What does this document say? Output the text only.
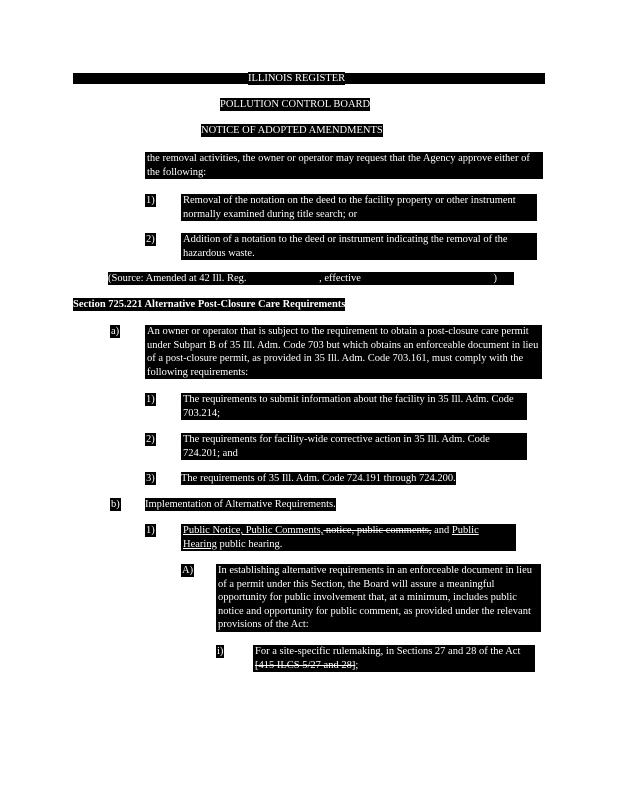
ILLINOIS REGISTER
POLLUTION CONTROL BOARD
NOTICE OF ADOPTED AMENDMENTS
the removal activities, the owner or operator may request that the Agency approve either of the following:
1)	Removal of the notation on the deed to the facility property or other instrument normally examined during title search; or
2)	Addition of a notation to the deed or instrument indicating the removal of the hazardous waste.
(Source: Amended at 42 Ill. Reg.	, effective	)
Section 725.221 Alternative Post-Closure Care Requirements
a)	An owner or operator that is subject to the requirement to obtain a post-closure care permit under Subpart B of 35 Ill. Adm. Code 703 but which obtains an enforceable document in lieu of a post-closure permit, as provided in 35 Ill. Adm. Code 703.161, must comply with the following requirements:
1)	The requirements to submit information about the facility in 35 Ill. Adm. Code 703.214;
2)	The requirements for facility-wide corrective action in 35 Ill. Adm. Code 724.201; and
3)	The requirements of 35 Ill. Adm. Code 724.191 through 724.200.
b) Implementation of Alternative Requirements.
1)	Public Notice, Public Comments, notice, public comments, and Public Hearing public hearing.
A) In establishing alternative requirements in an enforceable document in lieu of a permit under this Section, the Board will assure a meaningful opportunity for public involvement that, at a minimum, includes public notice and opportunity for public comment, as provided under the relevant provisions of the Act:
i)	For a site-specific rulemaking, in Sections 27 and 28 of the Act [415 ILCS 5/27 and 28];
